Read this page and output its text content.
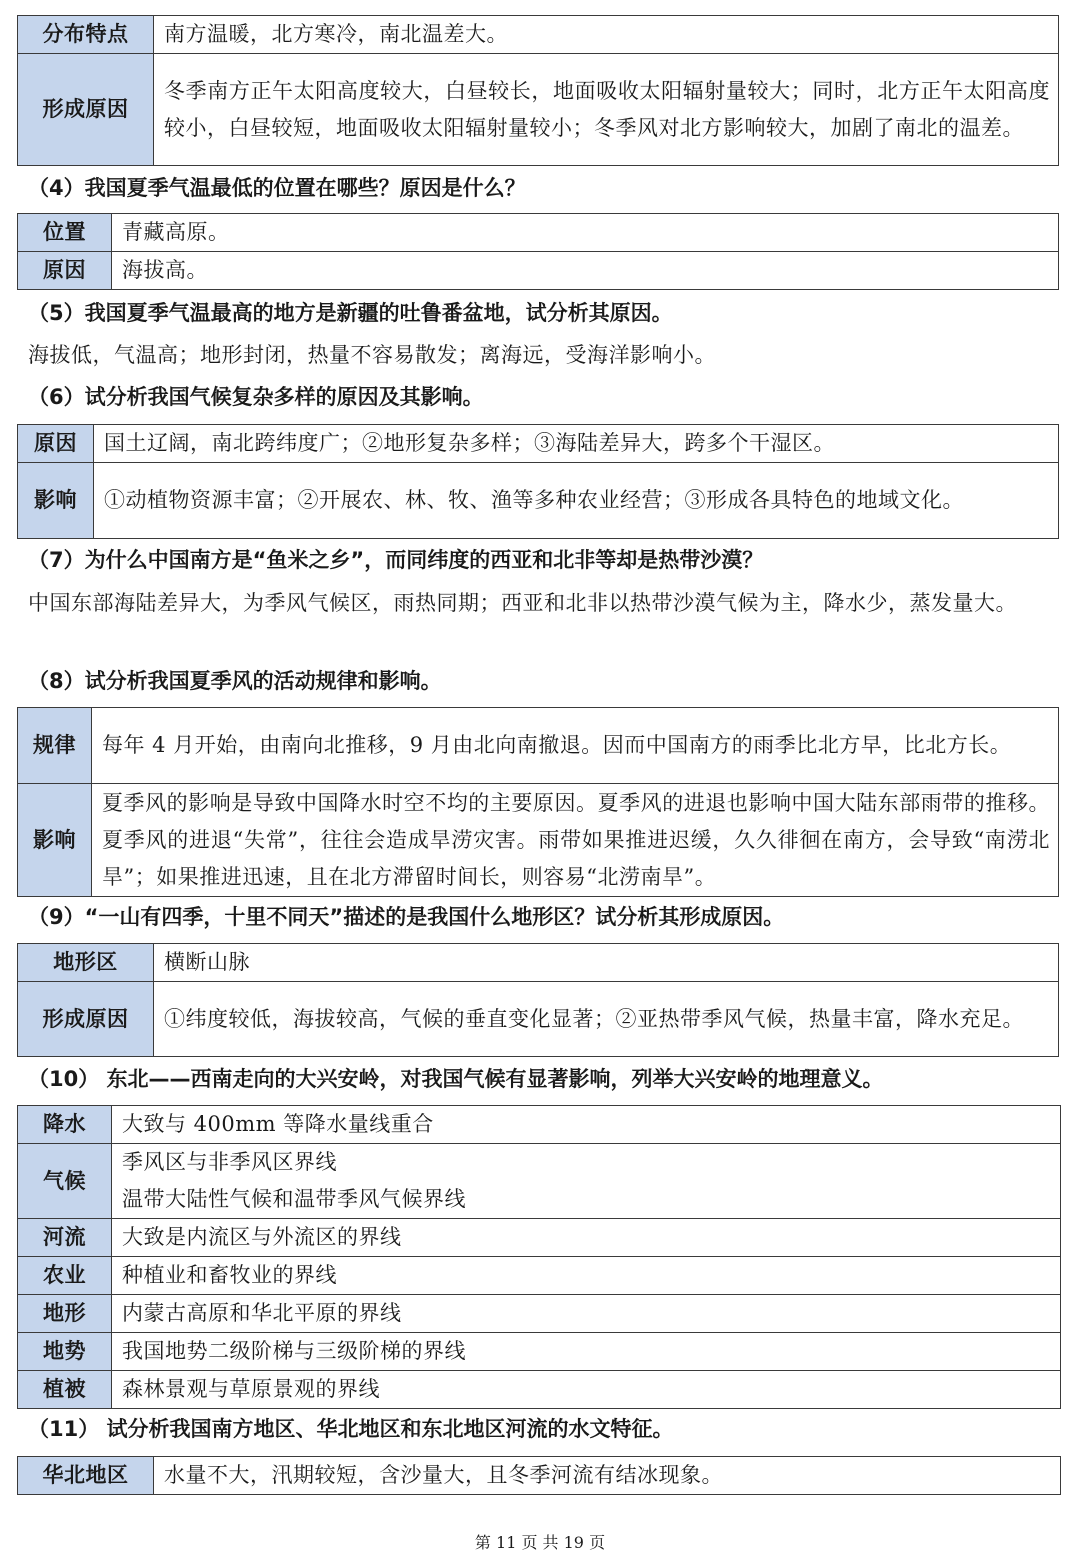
分布特点	南方温暖，北方寒冷，南北温差大。
形成原因	冬季南方正午太阳高度较大，白昼较长，地面吸收太阳辐射量较大；同时，北方正午太阳高度较小，白昼较短，地面吸收太阳辐射量较小；冬季风对北方影响较大，加剧了南北的温差。
（4）我国夏季气温最低的位置在哪些？原因是什么？
位置	青藏高原。
原因	海拔高。
（5）我国夏季气温最高的地方是新疆的吐鲁番盆地，试分析其原因。
海拔低，气温高；地形封闭，热量不容易散发；离海远，受海洋影响小。
（6）试分析我国气候复杂多样的原因及其影响。
原因	国土辽阔，南北跨纬度广；②地形复杂多样；③海陆差异大，跨多个干湿区。
影响	①动植物资源丰富；②开展农、林、牧、渔等多种农业经营；③形成各具特色的地域文化。
（7）为什么中国南方是“鱼米之乡”，而同纬度的西亚和北非等却是热带沙漠？
中国东部海陆差异大，为季风气候区，雨热同期；西亚和北非以热带沙漠气候为主，降水少，蒸发量大。
（8）试分析我国夏季风的活动规律和影响。
规律	每年 4 月开始，由南向北推移，9 月由北向南撤退。因而中国南方的雨季比北方早，比北方长。
影响	夏季风的影响是导致中国降水时空不均的主要原因。夏季风的进退也影响中国大陆东部雨带的推移。夏季风的进退“失常”，往往会造成旱涝灾害。雨带如果推进迟缓，久久徘徊在南方，会导致“南涝北旱”；如果推进迅速，且在北方滞留时间长，则容易“北涝南旱”。
（9）“一山有四季，十里不同天”描述的是我国什么地形区？试分析其形成原因。
地形区	横断山脉
形成原因	①纬度较低，海拔较高，气候的垂直变化显著；②亚热带季风气候，热量丰富，降水充足。
（10） 东北——西南走向的大兴安岭，对我国气候有显著影响，列举大兴安岭的地理意义。
降水	大致与 400mm 等降水量线重合
气候	季风区与非季风区界线
温带大陆性气候和温带季风气候界线

河流	大致是内流区与外流区的界线
农业	种植业和畜牧业的界线
地形	内蒙古高原和华北平原的界线
地势	我国地势二级阶梯与三级阶梯的界线
植被	森林景观与草原景观的界线
（11） 试分析我国南方地区、华北地区和东北地区河流的水文特征。
华北地区	水量不大，汛期较短，含沙量大，且冬季河流有结冰现象。
第 11 页 共 19 页
